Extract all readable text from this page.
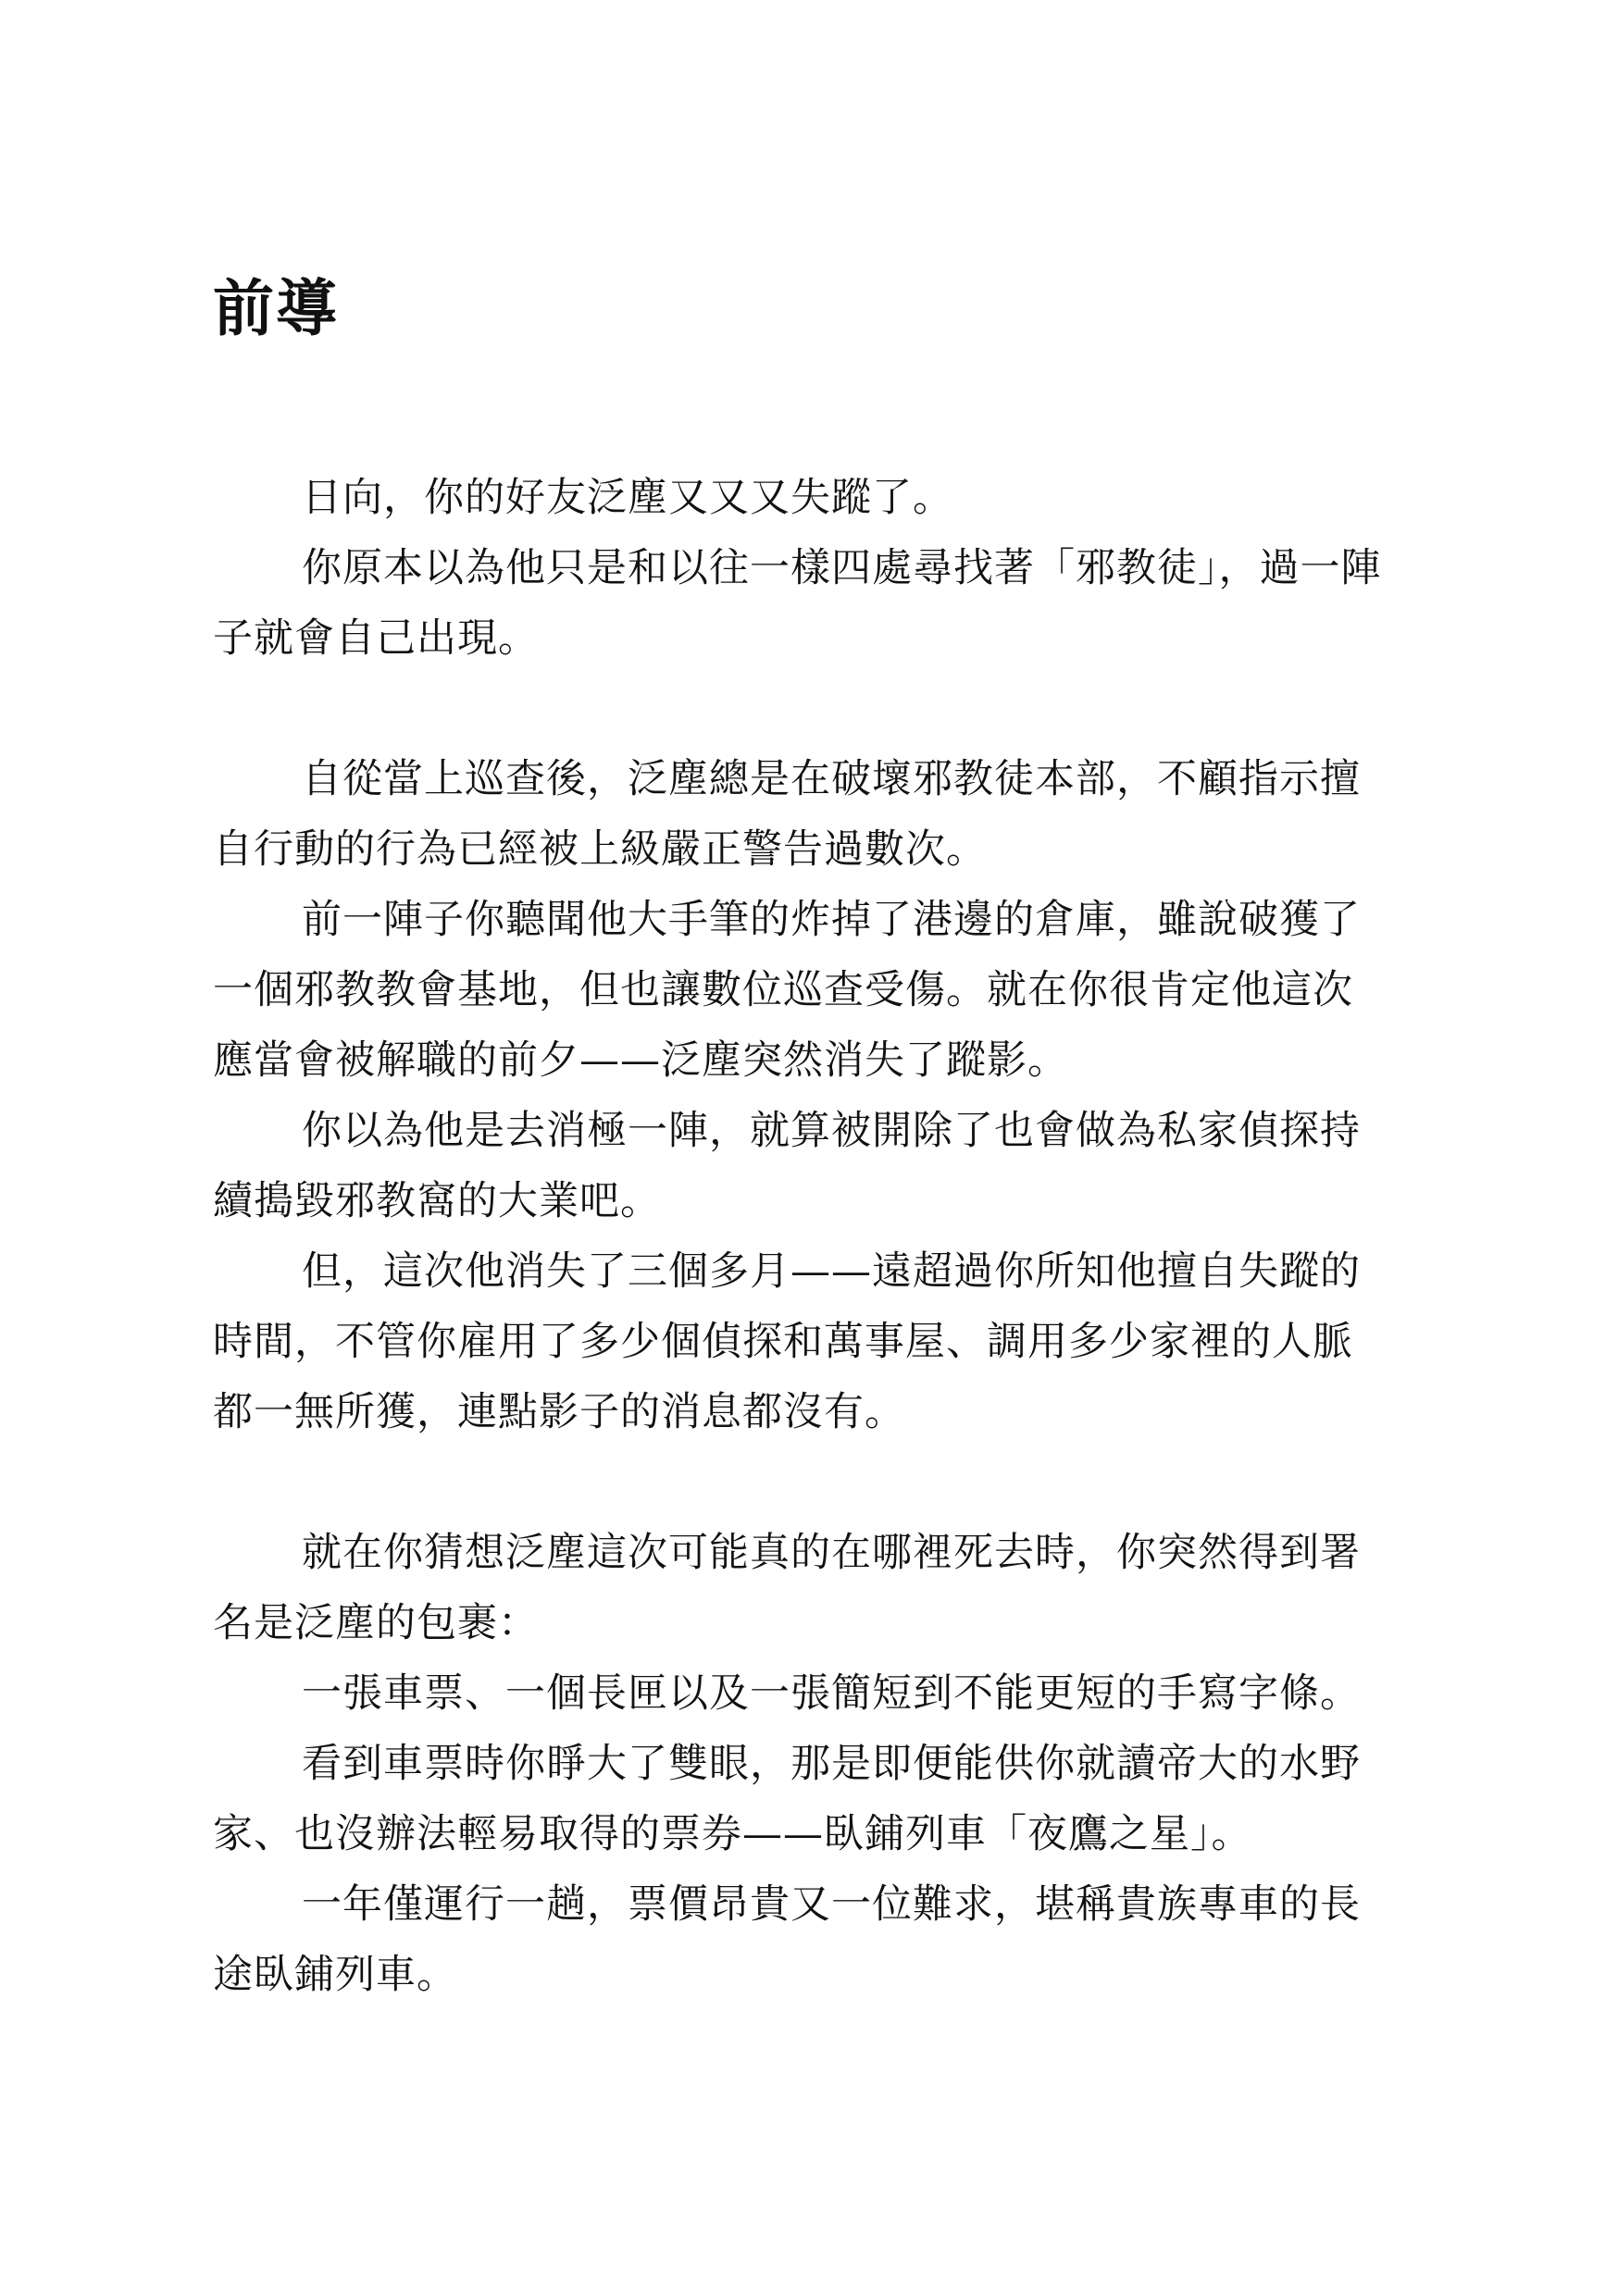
前導

日向，你的好友泛塵又又又失蹤了。

你原本以為他只是和以往一樣四處尋找著「邪教徒」，過一陣
子就會自己出現。

自從當上巡查後，泛塵總是在破壞邪教徒本部，不顧指示擅
自行動的行為已經被上級嚴正警告過數次。

前一陣子你聽聞他大手筆的炸掉了港邊的倉庫，雖說破獲了
一個邪教教會基地，但也讓數位巡查受傷。就在你很肯定他這次
應當會被解職的前夕——泛塵突然消失了蹤影。

你以為他是去消極一陣，就算被開除了也會做為私家偵探持
續搗毀邪教窩的大業吧。

但，這次他消失了三個多月——遠超過你所知他擅自失蹤的
時間，不管你雇用了多少個偵探和萬事屋、調用多少家裡的人脈
都一無所獲，連點影子的消息都沒有。

就在你猜想泛塵這次可能真的在哪裡死去時，你突然得到署
名是泛塵的包裹：

一張車票、一個長匣以及一張簡短到不能更短的手寫字條。

看到車票時你睜大了雙眼，那是即便能供你就讀帝大的水野
家、也沒辦法輕易取得的票券——臥鋪列車「夜鷹之星」。

一年僅運行一趟，票價昂貴又一位難求，堪稱貴族專車的長
途臥鋪列車。
